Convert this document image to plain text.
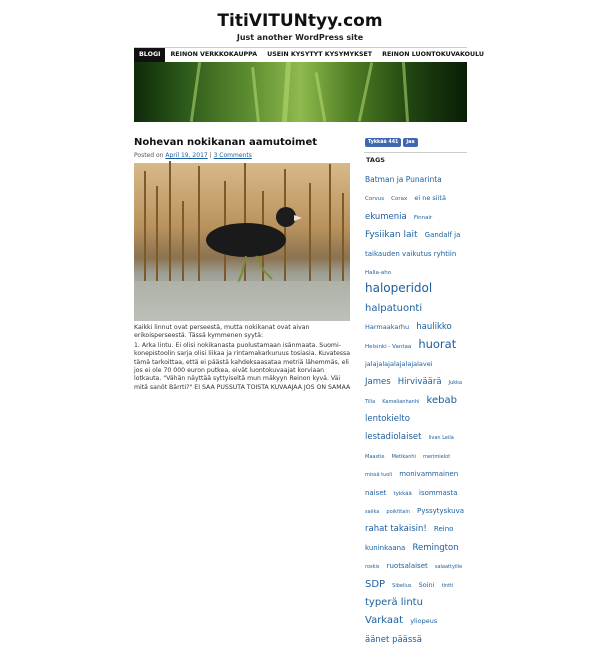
TitiVITUNtyy.com
Just another WordPress site
BLOGI	REINON VERKKOKAUPPA	USEIN KYSYTYT KYSYMYKSET	REINON LUONTOKUVAKOULU
Nohevan nokikanan aamutoimet
Posted on April 19, 2017 | 3 Comments

Kaikki linnut ovat perseestä, mutta nokikanat ovat aivan erikoisperseestä. Tässä kymmenen syytä:

1. Arka lintu. Ei olisi nokikanasta puolustamaan isänmaata. Suomi-konepistoolin sarja olisi liikaa ja rintamakarkuruus tosiasia. Kuvatessa tämä tarkoittaa, että ei päästä kahdeksaasataa metriä lähemmäs, eli jos ei ole 70 000 euron putkea, eivät luontokuvaajat korviaan lotkauta. "Vähän näyttää syttyiseltä mun mäkyyn Reinon kyvä. Väi mitä sanöt Bärrti?" EI SAA PUSSUTA TOISTA KUVAAJAA JOS ON SAMAA

Tykkää 441	Jaa
TAGS
Batman ja Punarinta Corvus Corax ei ne siitä ekumenia Finnair Fysiikan lait Gandalf ja taikauden vaikutus ryhtiin Halla-aho haloperidol halpatuonti Harmaakarhu haulikko Helsinki - Vantaa huorat jalajalajalajalajalavei James Hirviväärä Jukka Tilla Kamelianhanhi kebab lentokielto lestadiolaiset Iivan Leila Maastie Metikanhi merimielot missä tuoli monivammainen naiset tykkää isommasta saiika poikittain Pyssytyskuva rahat takaisin! Reino kuninkaana Remington roskis ruotsalaiset salaattyille SDP Sibelius Soini tintti typerä lintu Varkaat yliopeus äänet päässä
